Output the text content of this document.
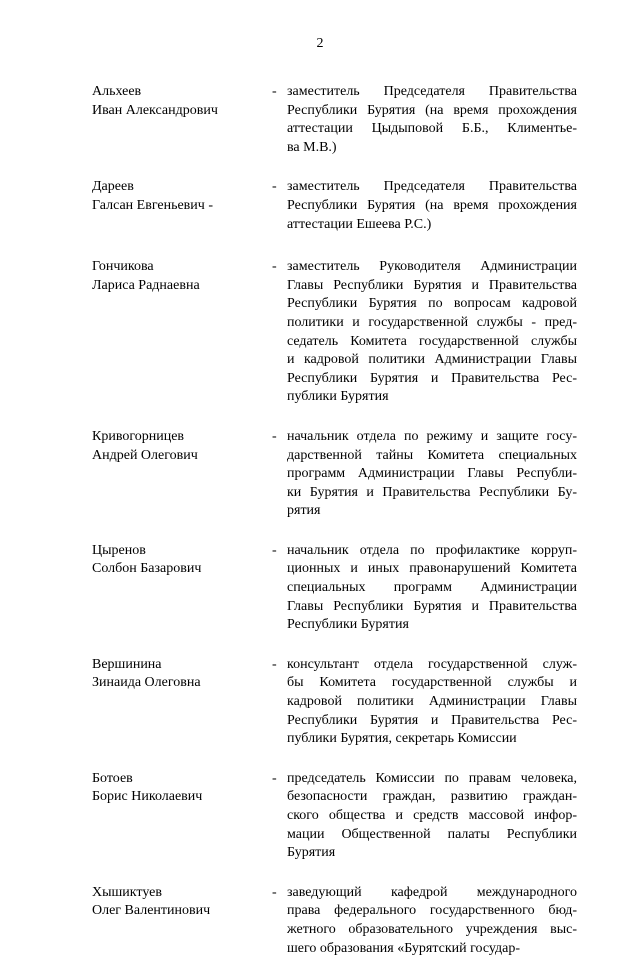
2
Альхеев
Иван Александрович
- заместитель Председателя Правительства
Республики Бурятия (на время прохождения
аттестации Цыдыповой Б.Б., Климентье-
ва М.В.)
Дареев
Галсан Евгеньевич -
- заместитель Председателя Правительства
Республики Бурятия (на время прохождения
аттестации Ешеева Р.С.)
Гончикова
Лариса Раднаевна
- заместитель Руководителя Администрации
Главы Республики Бурятия и Правительства
Республики Бурятия по вопросам кадровой
политики и государственной службы - пред-
седатель Комитета государственной службы
и кадровой политики Администрации Главы
Республики Бурятия и Правительства Рес-
публики Бурятия
Кривогорницев
Андрей Олегович
- начальник отдела по режиму и защите госу-
дарственной тайны Комитета специальных
программ Администрации Главы Республи-
ки Бурятия и Правительства Республики Бу-
рятия
Цыренов
Солбон Базарович
- начальник отдела по профилактике корруп-
ционных и иных правонарушений Комитета
специальных программ Администрации
Главы Республики Бурятия и Правительства
Республики Бурятия
Вершинина
Зинаида Олеговна
- консультант отдела государственной служ-
бы Комитета государственной службы и
кадровой политики Администрации Главы
Республики Бурятия и Правительства Рес-
публики Бурятия, секретарь Комиссии
Ботоев
Борис Николаевич
- председатель Комиссии по правам человека,
безопасности граждан, развитию граждан-
ского общества и средств массовой инфор-
мации Общественной палаты Республики
Бурятия
Хышиктуев
Олег Валентинович
- заведующий кафедрой международного
права федерального государственного бюд-
жетного образовательного учреждения выс-
шего образования «Бурятский государ-
